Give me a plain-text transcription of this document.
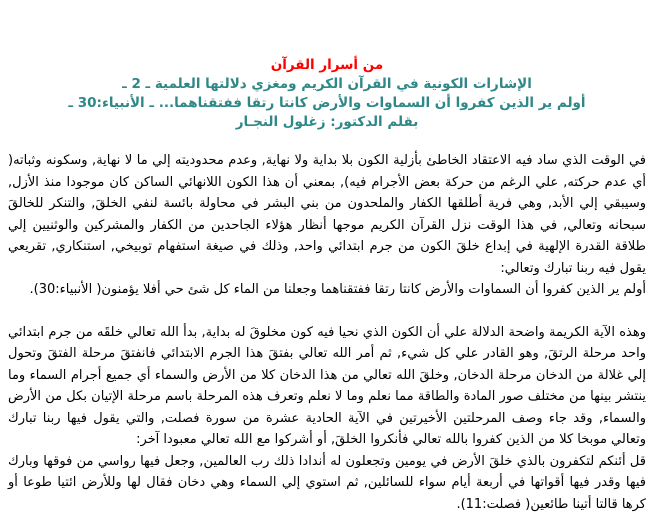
من أسرار القرآن
الإشارات الكونية في القرآن الكريم ومغزي دلالتها العلمية ـ 2 ـ
أولم ير الذين كفروا أن السماوات والأرض كانتا رتقا ففتقناهما... ـ الأنبياء:30 ـ
بقلم الدكتور: زغلول النجـار

في الوقت الذي ساد فيه الاعتقاد الخاطئ بأزلية الكون بلا بداية ولا نهاية, وعدم محدوديته إلي ما لا نهاية, وسكونه وثباته( أي عدم حركته, علي الرغم من حركة بعض الأجرام فيه), بمعني أن هذا الكون اللانهائي الساكن كان موجودا منذ الأزل, وسيبقي إلي الأبد, وهي فرية أطلقها الكفار والملحدون من بني البشر في محاولة بائسة لنفي الخلقَ, والتنكر للخالقَ سبحانه وتعالي, في هذا الوقت نزل القرآن الكريم موجها أنظار هؤلاء الجاحدين من الكفار والمشركين والوثنيين إلي طلاقة القدرة الإلهية في إبداع خلقَ الكون من جرم ابتدائي واحد, وذلك في صيغة استفهام توبيخي, استنكاري, تقريعي يقول فيه ربنا تبارك وتعالي:
أولم ير الذين كفروا أن السماوات والأرض كانتا رتقا ففتقناهما وجعلنا من الماء كل شئ حي أفلا يؤمنون( الأنبياء:30).

وهذه الآية الكريمة واضحة الدلالة علي أن الكون الذي نحيا فيه كون مخلوقَ له بداية, بدأ الله تعالي خلقَه من جرم ابتدائي واحد مرحلة الرتقَ, وهو القادر علي كل شيء, ثم أمر الله تعالي بفتقَ هذا الجرم الابتدائي فانفتقَ مرحلة الفتقَ وتحول إلي غلالة من الدخان مرحلة الدخان, وخلقَ الله تعالي من هذا الدخان كلا من الأرض والسماء أي جميع أجرام السماء وما ينتشر بينها من مختلف صور المادة والطاقة مما نعلم وما لا نعلم وتعرف هذه المرحلة باسم مرحلة الإتيان بكل من الأرض والسماء, وقد جاء وصف المرحلتين الأخيرتين في الآية الحادية عشرة من سورة فصلت, والتي يقول فيها ربنا تبارك وتعالي موبخا كلا من الذين كفروا بالله تعالي فأنكروا الخلقَ, أو أشركوا مع الله تعالي معبودا آخر:
قل أئنكم لتكفرون بالذي خلقَ الأرض في يومين وتجعلون له أندادا ذلك رب العالمين, وجعل فيها رواسي من فوقها وبارك فيها وقدر فيها أقواتها في أربعة أيام سواء للسائلين, ثم استوي إلي السماء وهي دخان فقال لها وللأرض ائتيا طوعا أو كرها قالتا أتينا طائعين( فصلت:11).
